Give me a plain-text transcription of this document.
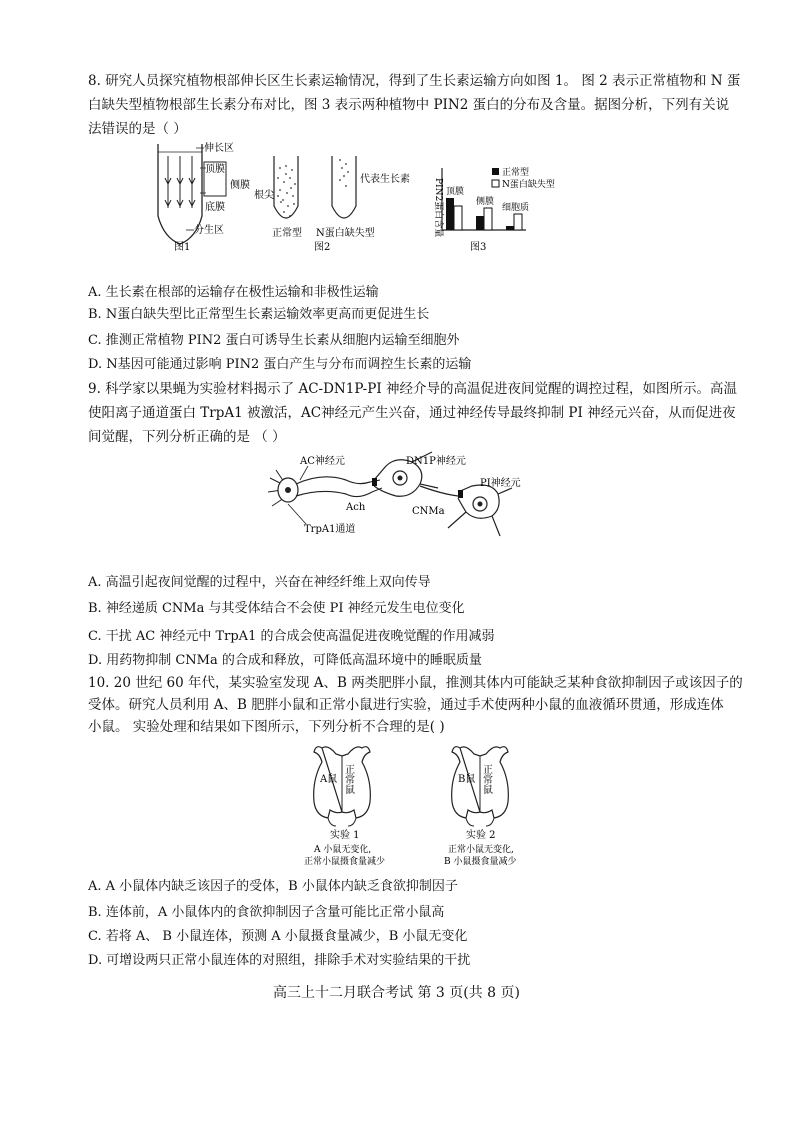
8. 研究人员探究植物根部伸长区生长素运输情况，得到了生长素运输方向如图 1。 图 2 表示正常植物和 N 蛋
白缺失型植物根部生长素分布对比，图 3 表示两种植物中 PIN2 蛋白的分布及含量。据图分析，下列有关说
法错误的是（ ）
伸长区
顶膜
侧膜
底膜
分生区
图1
根尖
代表生长素
正常型 N蛋白缺失型
图2
PIN2蛋白含量 顶膜
侧膜
细胞质
正常型
N蛋白缺失型
图3
A. 生长素在根部的运输存在极性运输和非极性运输
B. N蛋白缺失型比正常型生长素运输效率更高而更促进生长
C. 推测正常植物 PIN2 蛋白可诱导生长素从细胞内运输至细胞外
D. N基因可能通过影响 PIN2 蛋白产生与分布而调控生长素的运输
9. 科学家以果蝇为实验材料揭示了 AC-DN1P-PI 神经介导的高温促进夜间觉醒的调控过程，如图所示。高温
使阳离子通道蛋白 TrpA1 被激活，AC神经元产生兴奋，通过神经传导最终抑制 PI 神经元兴奋，从而促进夜
间觉醒，下列分析正确的是 （ ）
AC神经元
TrpA1通道
Ach
DN1P神经元
CNMa
PI神经元
A. 高温引起夜间觉醒的过程中，兴奋在神经纤维上双向传导
B. 神经递质 CNMa 与其受体结合不会使 PI 神经元发生电位变化
C. 干扰 AC 神经元中 TrpA1 的合成会使高温促进夜晚觉醒的作用减弱
D. 用药物抑制 CNMa 的合成和释放，可降低高温环境中的睡眠质量
10. 20 世纪 60 年代，某实验室发现 A、B 两类肥胖小鼠，推测其体内可能缺乏某种食欲抑制因子或该因子的
受体。研究人员利用 A、B 肥胖小鼠和正常小鼠进行实验，通过手术使两种小鼠的血液循环贯通，形成连体
小鼠。 实验处理和结果如下图所示，下列分析不合理的是( )
A鼠 正常鼠
实验 1
A 小鼠无变化,
正常小鼠摄食量减少
B鼠 正常鼠
实验 2
正常小鼠无变化,
B 小鼠摄食量减少
A. A 小鼠体内缺乏该因子的受体，B 小鼠体内缺乏食欲抑制因子
B. 连体前，A 小鼠体内的食欲抑制因子含量可能比正常小鼠高
C. 若将 A、 B 小鼠连体，预测 A 小鼠摄食量减少，B 小鼠无变化
D. 可增设两只正常小鼠连体的对照组，排除手术对实验结果的干扰
高三上十二月联合考试 第 3 页(共 8 页)
